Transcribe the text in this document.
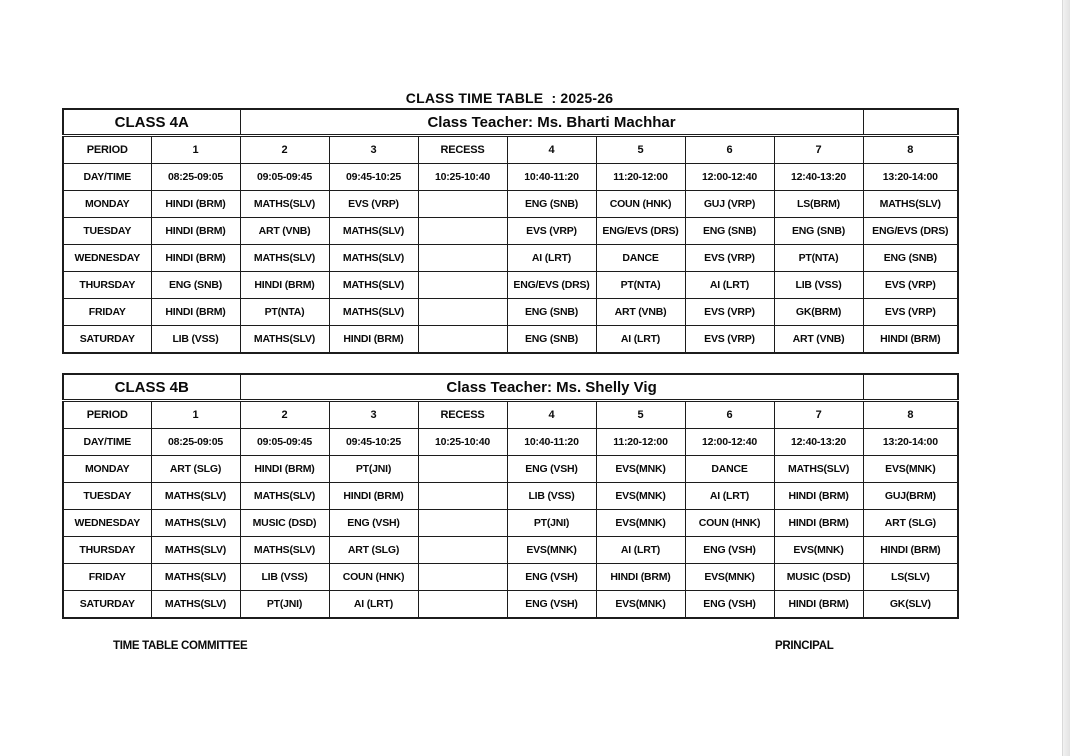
CLASS TIME TABLE  : 2025-26
CLASS 4A		Class Teacher: Ms. Bharti Machhar							
PERIOD	1	2	3	RECESS	4	5	6	7	8
DAY/TIME	08:25-09:05	09:05-09:45	09:45-10:25	10:25-10:40	10:40-11:20	11:20-12:00	12:00-12:40	12:40-13:20	13:20-14:00
MONDAY	HINDI (BRM)	MATHS(SLV)	EVS (VRP)		ENG (SNB)	COUN (HNK)	GUJ (VRP)	LS(BRM)	MATHS(SLV)
TUESDAY	HINDI (BRM)	ART (VNB)	MATHS(SLV)		EVS (VRP)	ENG/EVS (DRS)	ENG (SNB)	ENG (SNB)	ENG/EVS (DRS)
WEDNESDAY	HINDI (BRM)	MATHS(SLV)	MATHS(SLV)		AI (LRT)	DANCE	EVS (VRP)	PT(NTA)	ENG (SNB)
THURSDAY	ENG (SNB)	HINDI (BRM)	MATHS(SLV)		ENG/EVS (DRS)	PT(NTA)	AI (LRT)	LIB (VSS)	EVS (VRP)
FRIDAY	HINDI (BRM)	PT(NTA)	MATHS(SLV)		ENG (SNB)	ART (VNB)	EVS (VRP)	GK(BRM)	EVS (VRP)
SATURDAY	LIB (VSS)	MATHS(SLV)	HINDI (BRM)		ENG (SNB)	AI (LRT)	EVS (VRP)	ART (VNB)	HINDI (BRM)
CLASS 4B		Class Teacher: Ms. Shelly Vig							
PERIOD	1	2	3	RECESS	4	5	6	7	8
DAY/TIME	08:25-09:05	09:05-09:45	09:45-10:25	10:25-10:40	10:40-11:20	11:20-12:00	12:00-12:40	12:40-13:20	13:20-14:00
MONDAY	ART (SLG)	HINDI (BRM)	PT(JNI)		ENG (VSH)	EVS(MNK)	DANCE	MATHS(SLV)	EVS(MNK)
TUESDAY	MATHS(SLV)	MATHS(SLV)	HINDI (BRM)		LIB (VSS)	EVS(MNK)	AI (LRT)	HINDI (BRM)	GUJ(BRM)
WEDNESDAY	MATHS(SLV)	MUSIC (DSD)	ENG (VSH)		PT(JNI)	EVS(MNK)	COUN (HNK)	HINDI (BRM)	ART (SLG)
THURSDAY	MATHS(SLV)	MATHS(SLV)	ART (SLG)		EVS(MNK)	AI (LRT)	ENG (VSH)	EVS(MNK)	HINDI (BRM)
FRIDAY	MATHS(SLV)	LIB (VSS)	COUN (HNK)		ENG (VSH)	HINDI (BRM)	EVS(MNK)	MUSIC (DSD)	LS(SLV)
SATURDAY	MATHS(SLV)	PT(JNI)	AI (LRT)		ENG (VSH)	EVS(MNK)	ENG (VSH)	HINDI (BRM)	GK(SLV)
TIME TABLE COMMITTEE	PRINCIPAL
